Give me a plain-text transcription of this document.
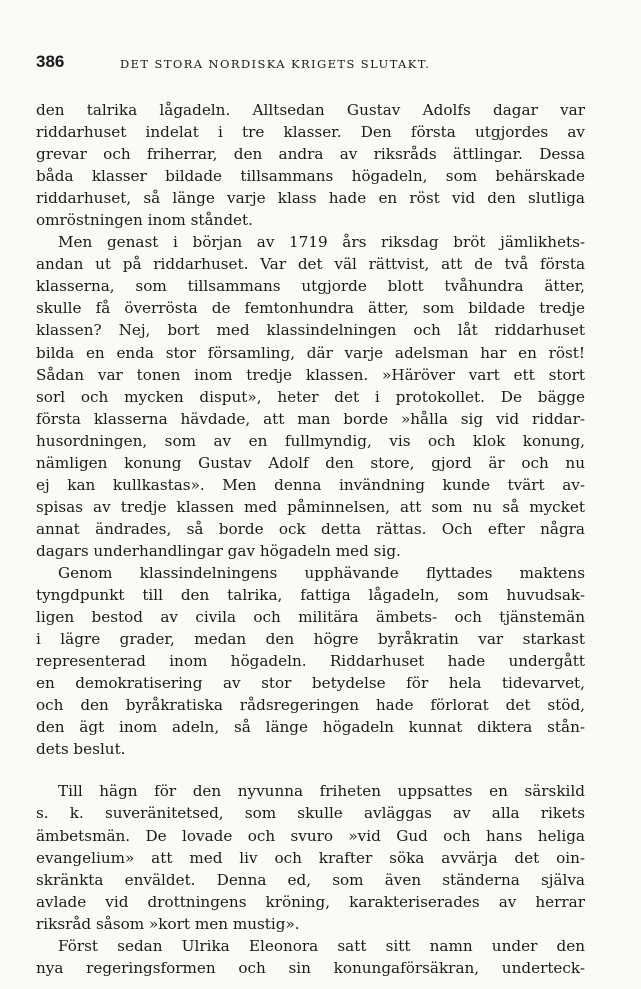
386	DET STORA NORDISKA KRIGETS SLUTAKT.
den talrika lågadeln. Alltsedan Gustav Adolfs dagar var
riddarhuset indelat i tre klasser. Den första utgjordes av
grevar och friherrar, den andra av riksråds ättlingar. Dessa
båda klasser bildade tillsammans högadeln, som behärskade
riddarhuset, så länge varje klass hade en röst vid den slutliga
omröstningen inom ståndet.
Men genast i början av 1719 års riksdag bröt jämlikhets-
andan ut på riddarhuset. Var det väl rättvist, att de två första
klasserna, som tillsammans utgjorde blott tvåhundra ätter,
skulle få överrösta de femtonhundra ätter, som bildade tredje
klassen? Nej, bort med klassindelningen och låt riddarhuset
bilda en enda stor församling, där varje adelsman har en röst!
Sådan var tonen inom tredje klassen. »Häröver vart ett stort
sorl och mycken disput», heter det i protokollet. De bägge
första klasserna hävdade, att man borde »hålla sig vid riddar-
husordningen, som av en fullmyndig, vis och klok konung,
nämligen konung Gustav Adolf den store, gjord är och nu
ej kan kullkastas». Men denna invändning kunde tvärt av-
spisas av tredje klassen med påminnelsen, att som nu så mycket
annat ändrades, så borde ock detta rättas. Och efter några
dagars underhandlingar gav högadeln med sig.
Genom klassindelningens upphävande flyttades maktens
tyngdpunkt till den talrika, fattiga lågadeln, som huvudsak-
ligen bestod av civila och militära ämbets- och tjänstemän
i lägre grader, medan den högre byråkratin var starkast
representerad inom högadeln. Riddarhuset hade undergått
en demokratisering av stor betydelse för hela tidevarvet,
och den byråkratiska rådsregeringen hade förlorat det stöd,
den ägt inom adeln, så länge högadeln kunnat diktera stån-
dets beslut.
Till hägn för den nyvunna friheten uppsattes en särskild
s. k. suveränitetsed, som skulle avläggas av alla rikets
ämbetsmän. De lovade och svuro »vid Gud och hans heliga
evangelium» att med liv och krafter söka avvärja det oin-
skränkta enväldet. Denna ed, som även ständerna själva
avlade vid drottningens kröning, karakteriserades av herrar
riksråd såsom »kort men mustig».
Först sedan Ulrika Eleonora satt sitt namn under den
nya regeringsformen och sin konungaförsäkran, underteck-
